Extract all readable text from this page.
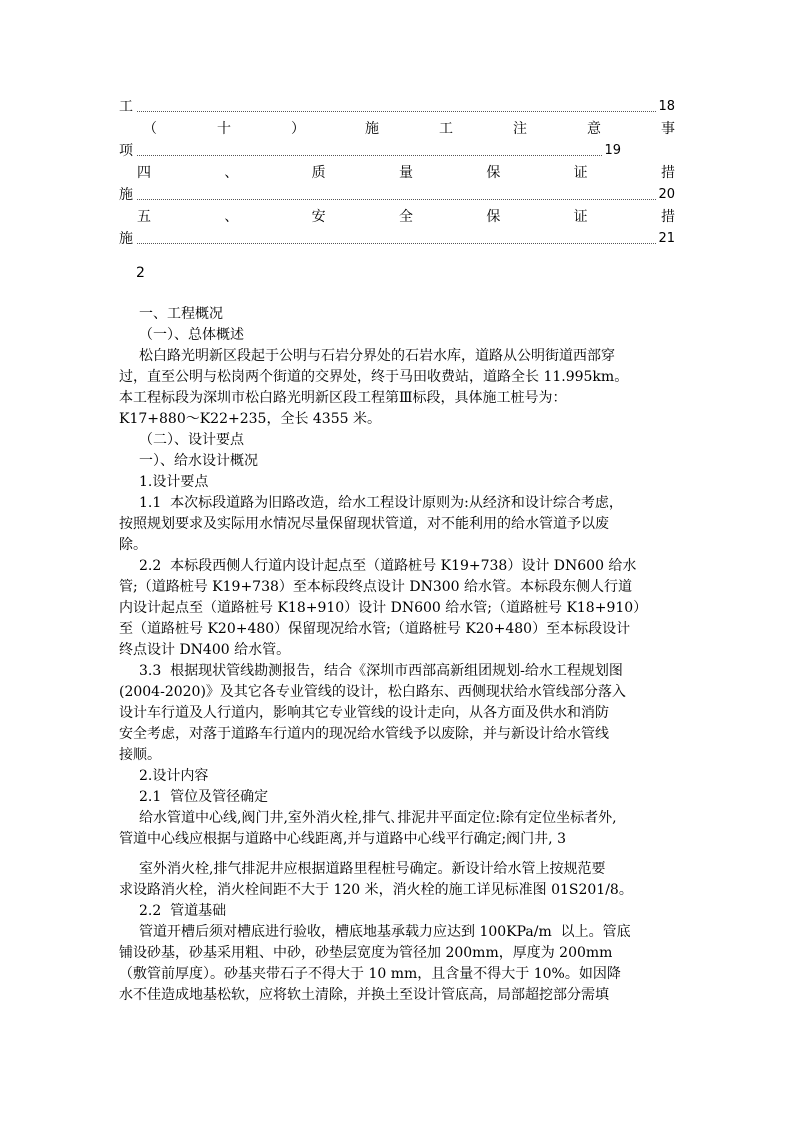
工	18
（	十	）	施	工	注	意	事
项	19
四	、	质	量	保	证	措
施	20
五	、	安	全	保	证	措
施	21
2

一、工程概况

（一）、总体概述

松白路光明新区段起于公明与石岩分界处的石岩水库，道路从公明街道西部穿

过，直至公明与松岗两个街道的交界处，终于马田收费站，道路全长 11.995km。

本工程标段为深圳市松白路光明新区段工程第Ⅲ标段，具体施工桩号为：

K17+880～K22+235，全长 4355 米。

（二）、设计要点

一）、给水设计概况

1.设计要点

1.1  本次标段道路为旧路改造，给水工程设计原则为:从经济和设计综合考虑，

按照规划要求及实际用水情况尽量保留现状管道，对不能利用的给水管道予以废

除。

2.2  本标段西侧人行道内设计起点至（道路桩号 K19+738）设计 DN600 给水

管;（道路桩号 K19+738）至本标段终点设计 DN300 给水管。本标段东侧人行道

内设计起点至（道路桩号 K18+910）设计 DN600 给水管;（道路桩号 K18+910）

至（道路桩号 K20+480）保留现况给水管;（道路桩号 K20+480）至本标段设计

终点设计 DN400 给水管。

3.3  根据现状管线勘测报告，结合《深圳市西部高新组团规划-给水工程规划图

(2004-2020)》及其它各专业管线的设计，松白路东、西侧现状给水管线部分落入

设计车行道及人行道内，影响其它专业管线的设计走向，从各方面及供水和消防

安全考虑，对落于道路车行道内的现况给水管线予以废除，并与新设计给水管线

接顺。

2.设计内容

2.1  管位及管径确定

给水管道中心线,阀门井,室外消火栓,排气､排泥井平面定位:除有定位坐标者外,

管道中心线应根据与道路中心线距离,并与道路中心线平行确定;阀门井, 3

室外消火栓,排气排泥井应根据道路里程桩号确定。新设计给水管上按规范要

求设路消火栓，消火栓间距不大于 120 米，消火栓的施工详见标准图 01S201/8。

2.2  管道基础

管道开槽后须对槽底进行验收，槽底地基承载力应达到 100KPa/m  以上。管底

铺设砂基，砂基采用粗、中砂，砂垫层宽度为管径加 200mm，厚度为 200mm

（敷管前厚度）。砂基夹带石子不得大于 10 mm，且含量不得大于 10%。如因降

水不佳造成地基松软，应将软土清除，并换土至设计管底高，局部超挖部分需填
